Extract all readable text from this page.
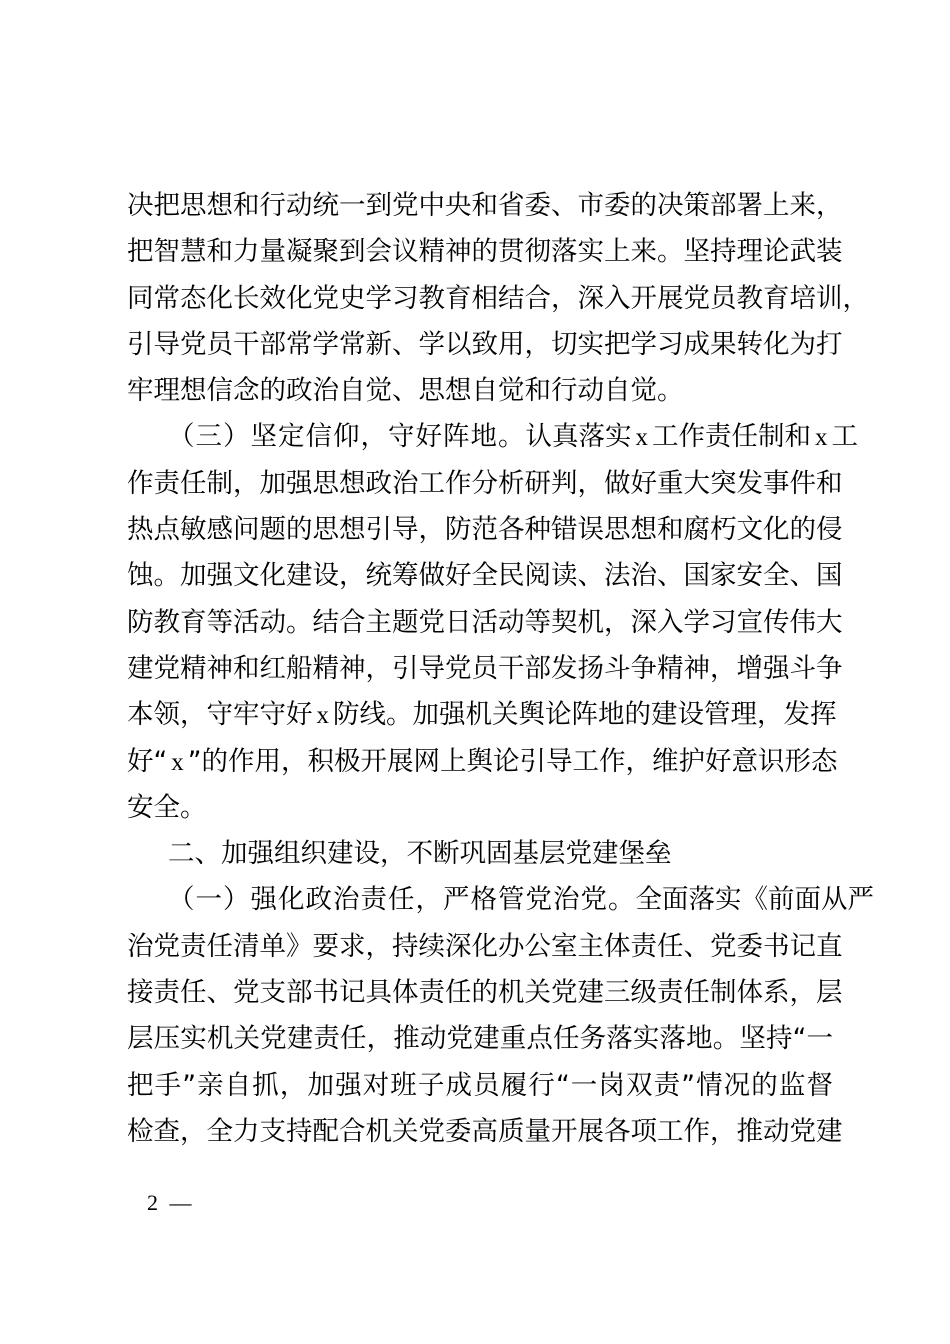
决把思想和行动统一到党中央和省委、市委的决策部署上来，
把智慧和力量凝聚到会议精神的贯彻落实上来。坚持理论武装
同常态化长效化党史学习教育相结合，深入开展党员教育培训，
引导党员干部常学常新、学以致用，切实把学习成果转化为打
牢理想信念的政治自觉、思想自觉和行动自觉。
（三）坚定信仰，守好阵地。认真落实 x 工作责任制和 x 工
作责任制，加强思想政治工作分析研判，做好重大突发事件和
热点敏感问题的思想引导，防范各种错误思想和腐朽文化的侵
蚀。加强文化建设，统筹做好全民阅读、法治、国家安全、国
防教育等活动。结合主题党日活动等契机，深入学习宣传伟大
建党精神和红船精神，引导党员干部发扬斗争精神，增强斗争
本领，守牢守好 x 防线。加强机关舆论阵地的建设管理，发挥
好“ x ”的作用，积极开展网上舆论引导工作，维护好意识形态
安全。
二、加强组织建设，不断巩固基层党建堡垒
（一）强化政治责任，严格管党治党。全面落实《前面从严
治党责任清单》要求，持续深化办公室主体责任、党委书记直
接责任、党支部书记具体责任的机关党建三级责任制体系，层
层压实机关党建责任，推动党建重点任务落实落地。坚持“一
把手”亲自抓，加强对班子成员履行“一岗双责”情况的监督
检查，全力支持配合机关党委高质量开展各项工作，推动党建
2 —
